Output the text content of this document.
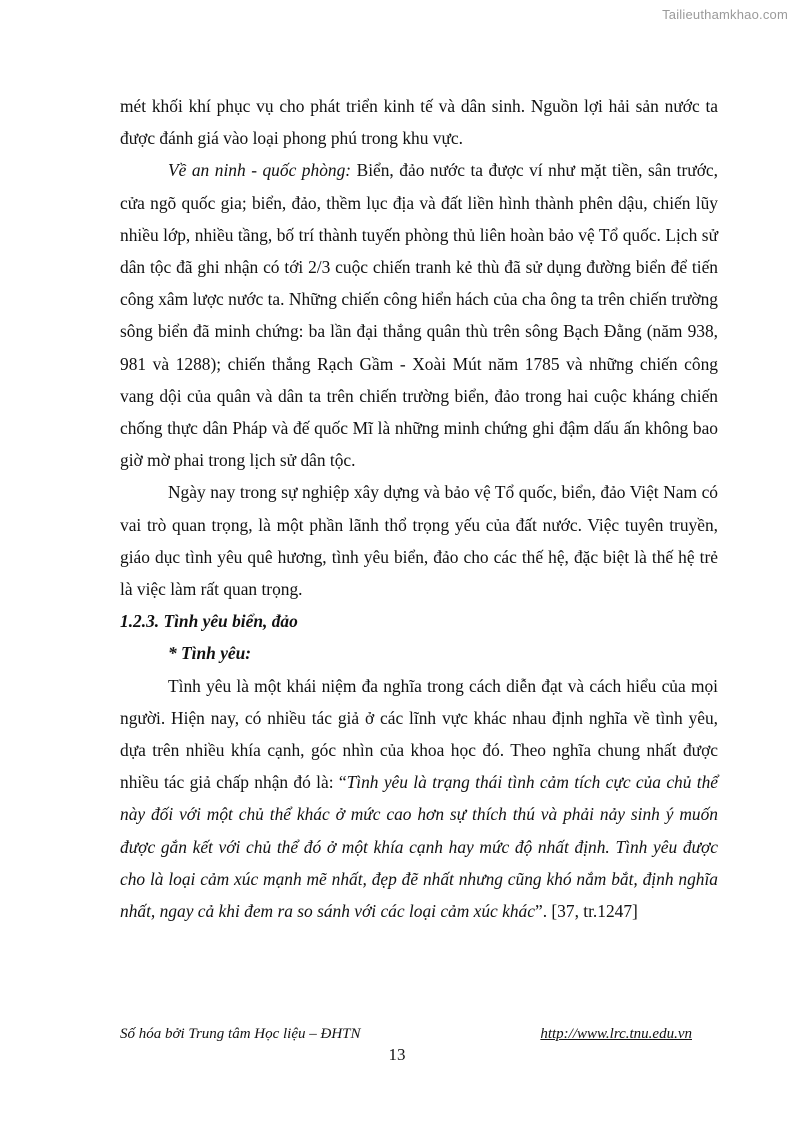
Tailieuthamkhao.com

mét khối khí phục vụ cho phát triển kinh tế và dân sinh. Nguồn lợi hải sản nước ta được đánh giá vào loại phong phú trong khu vực.

Về an ninh - quốc phòng: Biển, đảo nước ta được ví như mặt tiền, sân trước, cửa ngõ quốc gia; biển, đảo, thềm lục địa và đất liền hình thành phên dậu, chiến lũy nhiều lớp, nhiều tầng, bố trí thành tuyến phòng thủ liên hoàn bảo vệ Tổ quốc. Lịch sử dân tộc đã ghi nhận có tới 2/3 cuộc chiến tranh kẻ thù đã sử dụng đường biển để tiến công xâm lược nước ta. Những chiến công hiển hách của cha ông ta trên chiến trường sông biển đã minh chứng: ba lần đại thắng quân thù trên sông Bạch Đằng (năm 938, 981 và 1288); chiến thắng Rạch Gầm - Xoài Mút năm 1785 và những chiến công vang dội của quân và dân ta trên chiến trường biển, đảo trong hai cuộc kháng chiến chống thực dân Pháp và đế quốc Mĩ là những minh chứng ghi đậm dấu ấn không bao giờ mờ phai trong lịch sử dân tộc.

Ngày nay trong sự nghiệp xây dựng và bảo vệ Tổ quốc, biển, đảo Việt Nam có vai trò quan trọng, là một phần lãnh thổ trọng yếu của đất nước. Việc tuyên truyền, giáo dục tình yêu quê hương, tình yêu biển, đảo cho các thế hệ, đặc biệt là thế hệ trẻ là việc làm rất quan trọng.

1.2.3. Tình yêu biển, đảo

* Tình yêu:

Tình yêu là một khái niệm đa nghĩa trong cách diễn đạt và cách hiểu của mọi người. Hiện nay, có nhiều tác giả ở các lĩnh vực khác nhau định nghĩa về tình yêu, dựa trên nhiều khía cạnh, góc nhìn của khoa học đó. Theo nghĩa chung nhất được nhiều tác giả chấp nhận đó là: “Tình yêu là trạng thái tình cảm tích cực của chủ thể này đối với một chủ thể khác ở mức cao hơn sự thích thú và phải nảy sinh ý muốn được gắn kết với chủ thể đó ở một khía cạnh hay mức độ nhất định. Tình yêu được cho là loại cảm xúc mạnh mẽ nhất, đẹp đẽ nhất nhưng cũng khó nắm bắt, định nghĩa nhất, ngay cả khi đem ra so sánh với các loại cảm xúc khác”. [37, tr.1247]

Số hóa bởi Trung tâm Học liệu – ĐHTN	http://www.lrc.tnu.edu.vn
13
